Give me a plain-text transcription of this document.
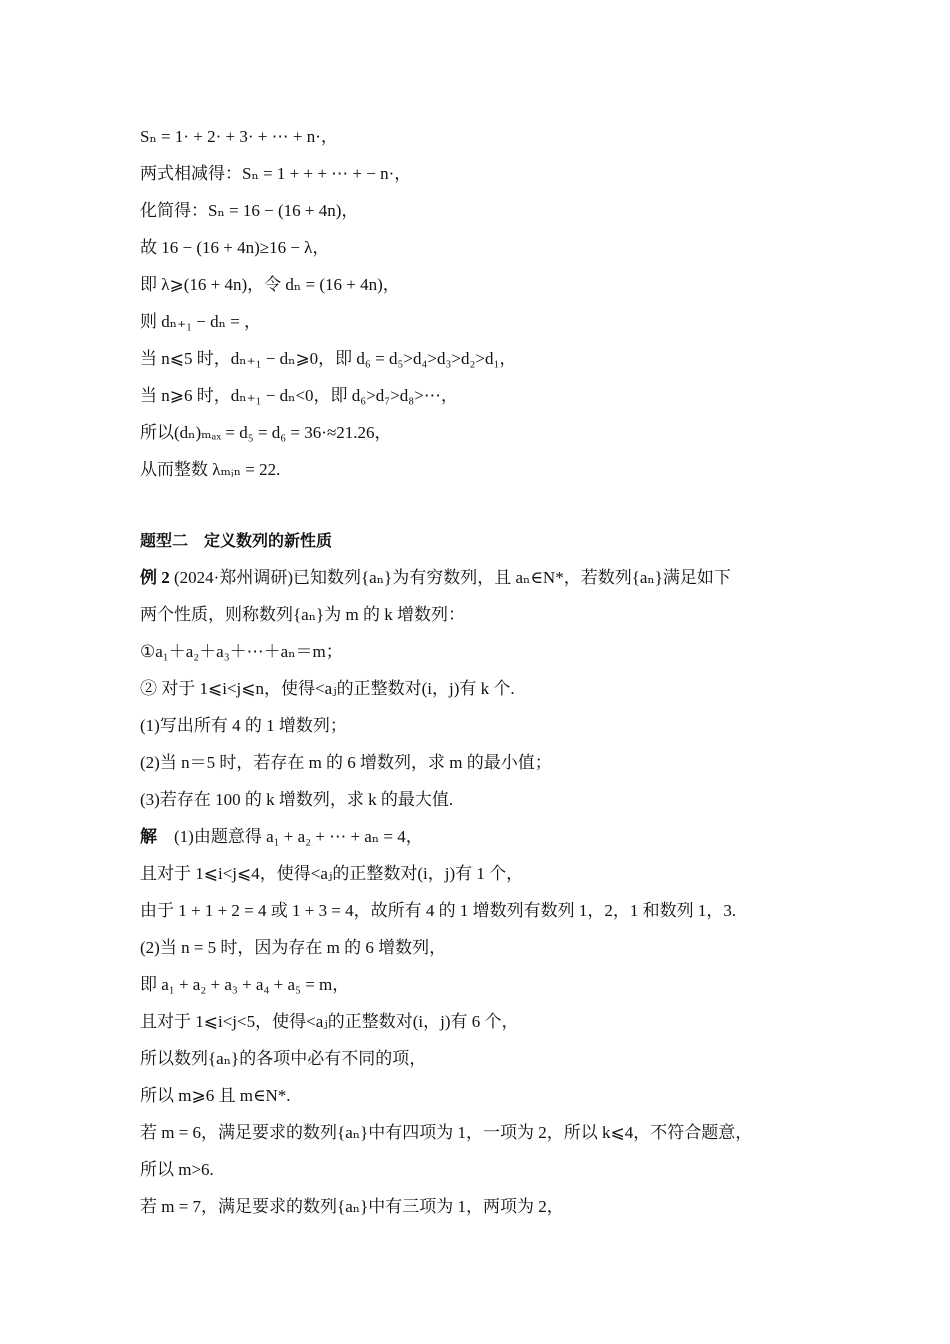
Sₙ = 1· + 2· + 3· + ⋯ + n·，
两式相减得：Sₙ = 1 + + + ⋯ + − n·，
化简得：Sₙ = 16 − (16 + 4n)，
故 16 − (16 + 4n)≥16 − λ，
即 λ⩾(16 + 4n)，令 dₙ = (16 + 4n)，
则 dₙ₊₁ − dₙ = ，
当 n⩽5 时，dₙ₊₁ − dₙ⩾0，即 d₆ = d₅>d₄>d₃>d₂>d₁，
当 n⩾6 时，dₙ₊₁ − dₙ<0，即 d₆>d₇>d₈>⋯，
所以(dₙ)ₘₐₓ = d₅ = d₆ = 36·≈21.26，
从而整数 λₘᵢₙ = 22.
题型二　定义数列的新性质
例 2 (2024·郑州调研)已知数列{aₙ}为有穷数列，且 aₙ∈N*，若数列{aₙ}满足如下
两个性质，则称数列{aₙ}为 m 的 k 增数列：
①a₁＋a₂＋a₃＋⋯＋aₙ＝m；
② 对于 1⩽i<j⩽n，使得<aⱼ的正整数对(i，j)有 k 个.
(1)写出所有 4 的 1 增数列；
(2)当 n＝5 时，若存在 m 的 6 增数列，求 m 的最小值；
(3)若存在 100 的 k 增数列，求 k 的最大值.
解　(1)由题意得 a₁ + a₂ + ⋯ + aₙ = 4，
且对于 1⩽i<j⩽4，使得<aⱼ的正整数对(i，j)有 1 个，
由于 1 + 1 + 2 = 4 或 1 + 3 = 4，故所有 4 的 1 增数列有数列 1，2，1 和数列 1，3.
(2)当 n = 5 时，因为存在 m 的 6 增数列，
即 a₁ + a₂ + a₃ + a₄ + a₅ = m，
且对于 1⩽i<j<5，使得<aⱼ的正整数对(i，j)有 6 个，
所以数列{aₙ}的各项中必有不同的项，
所以 m⩾6 且 m∈N*.
若 m = 6，满足要求的数列{aₙ}中有四项为 1，一项为 2，所以 k⩽4，不符合题意，
所以 m>6.
若 m = 7，满足要求的数列{aₙ}中有三项为 1，两项为 2，
